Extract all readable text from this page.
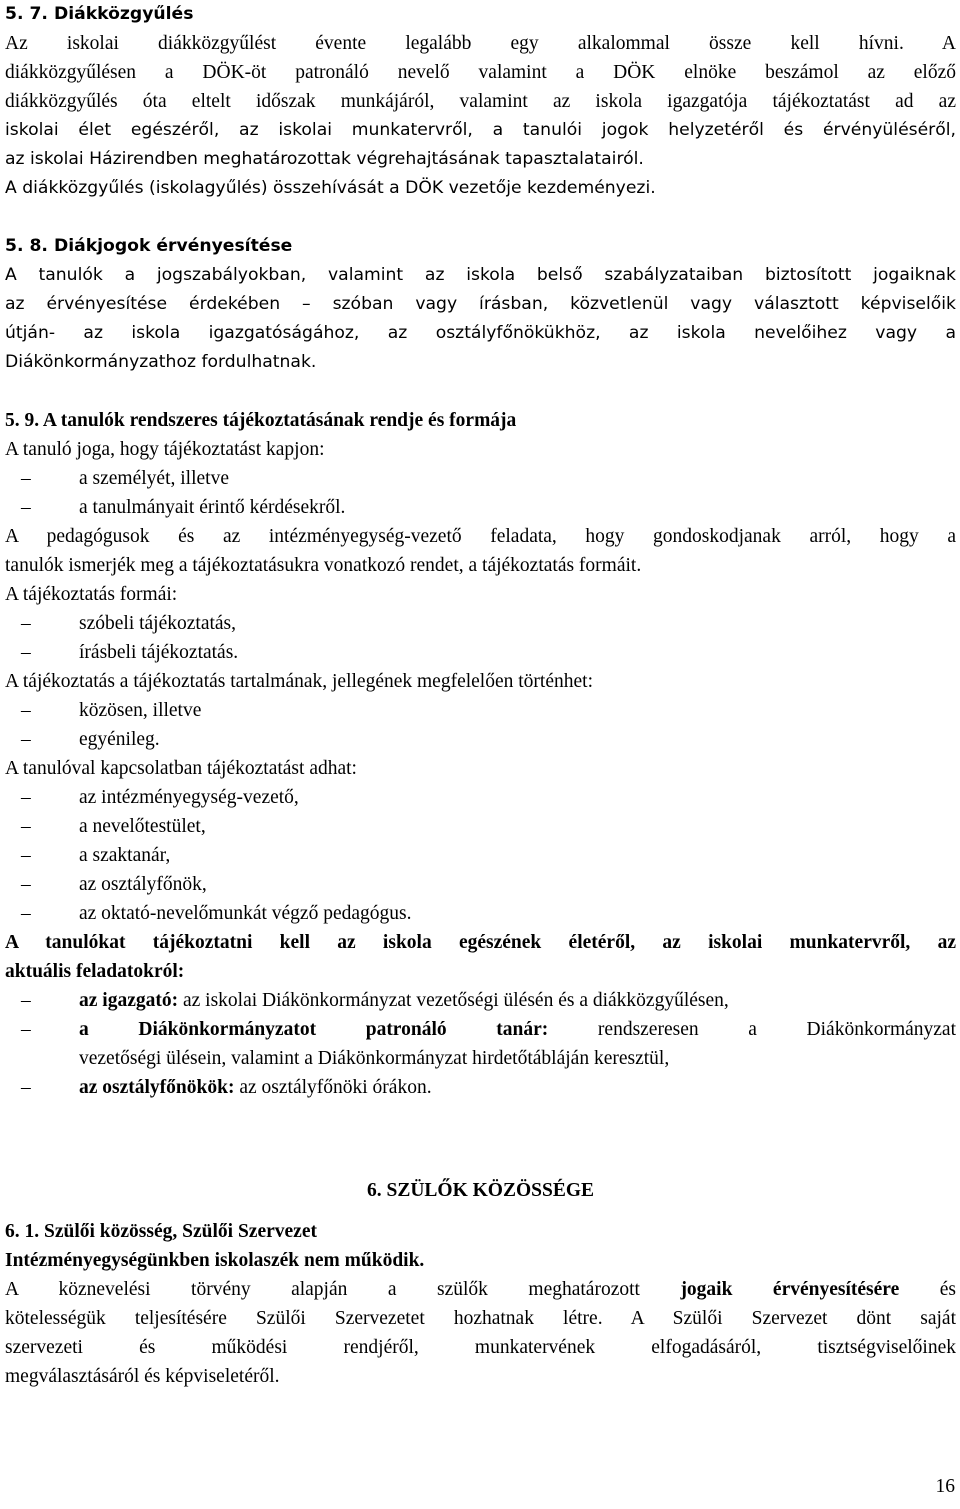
5. 7. Diákközgyűlés

Az iskolai diákközgyűlést évente legalább egy alkalommal össze kell hívni. A

diákközgyűlésen a DÖK-öt patronáló nevelő valamint a DÖK elnöke beszámol az előző

diákközgyűlés óta eltelt időszak munkájáról, valamint az iskola igazgatója tájékoztatást ad az

iskolai élet egészéről, az iskolai munkatervről, a tanulói jogok helyzetéről és érvényüléséről,

az iskolai Házirendben meghatározottak végrehajtásának tapasztalatairól.

A diákközgyűlés (iskolagyűlés) összehívását a DÖK vezetője kezdeményezi.

5. 8. Diákjogok érvényesítése

A tanulók a jogszabályokban, valamint az iskola belső szabályzataiban biztosított jogaiknak

az érvényesítése érdekében – szóban vagy írásban, közvetlenül vagy választott képviselőik

útján- az iskola igazgatóságához, az osztályfőnökükhöz, az iskola nevelőihez vagy a

Diákönkormányzathoz fordulhatnak.

5. 9. A tanulók rendszeres tájékoztatásának rendje és formája

A tanuló joga, hogy tájékoztatást kapjon:

– a személyét, illetve
– a tanulmányait érintő kérdésekről.

A pedagógusok és az intézményegység-vezető feladata, hogy gondoskodjanak arról, hogy a

tanulók ismerjék meg a tájékoztatásukra vonatkozó rendet, a tájékoztatás formáit.

A tájékoztatás formái:

– szóbeli tájékoztatás,
– írásbeli tájékoztatás.

A tájékoztatás a tájékoztatás tartalmának, jellegének megfelelően történhet:

– közösen, illetve
– egyénileg.

A tanulóval kapcsolatban tájékoztatást adhat:

– az intézményegység-vezető,
– a nevelőtestület,
– a szaktanár,
– az osztályfőnök,
– az oktató-nevelőmunkát végző pedagógus.

A tanulókat tájékoztatni kell az iskola egészének életéről, az iskolai munkatervről, az

aktuális feladatokról:

– az igazgató: az iskolai Diákönkormányzat vezetőségi ülésén és a diákközgyűlésen,
– a Diákönkormányzatot patronáló tanár: rendszeresen a Diákönkormányzat
vezetőségi ülésein, valamint a Diákönkormányzat hirdetőtábláján keresztül,
– az osztályfőnökök: az osztályfőnöki órákon.
6. SZÜLŐK KÖZÖSSÉGE
6. 1. Szülői közösség, Szülői Szervezet

Intézményegységünkben iskolaszék nem működik.

A köznevelési törvény alapján a szülők meghatározott jogaik érvényesítésére és

kötelességük teljesítésére Szülői Szervezetet hozhatnak létre. A Szülői Szervezet dönt saját

szervezeti és működési rendjéről, munkatervének elfogadásáról, tisztségviselőinek

megválasztásáról és képviseletéről.

16
